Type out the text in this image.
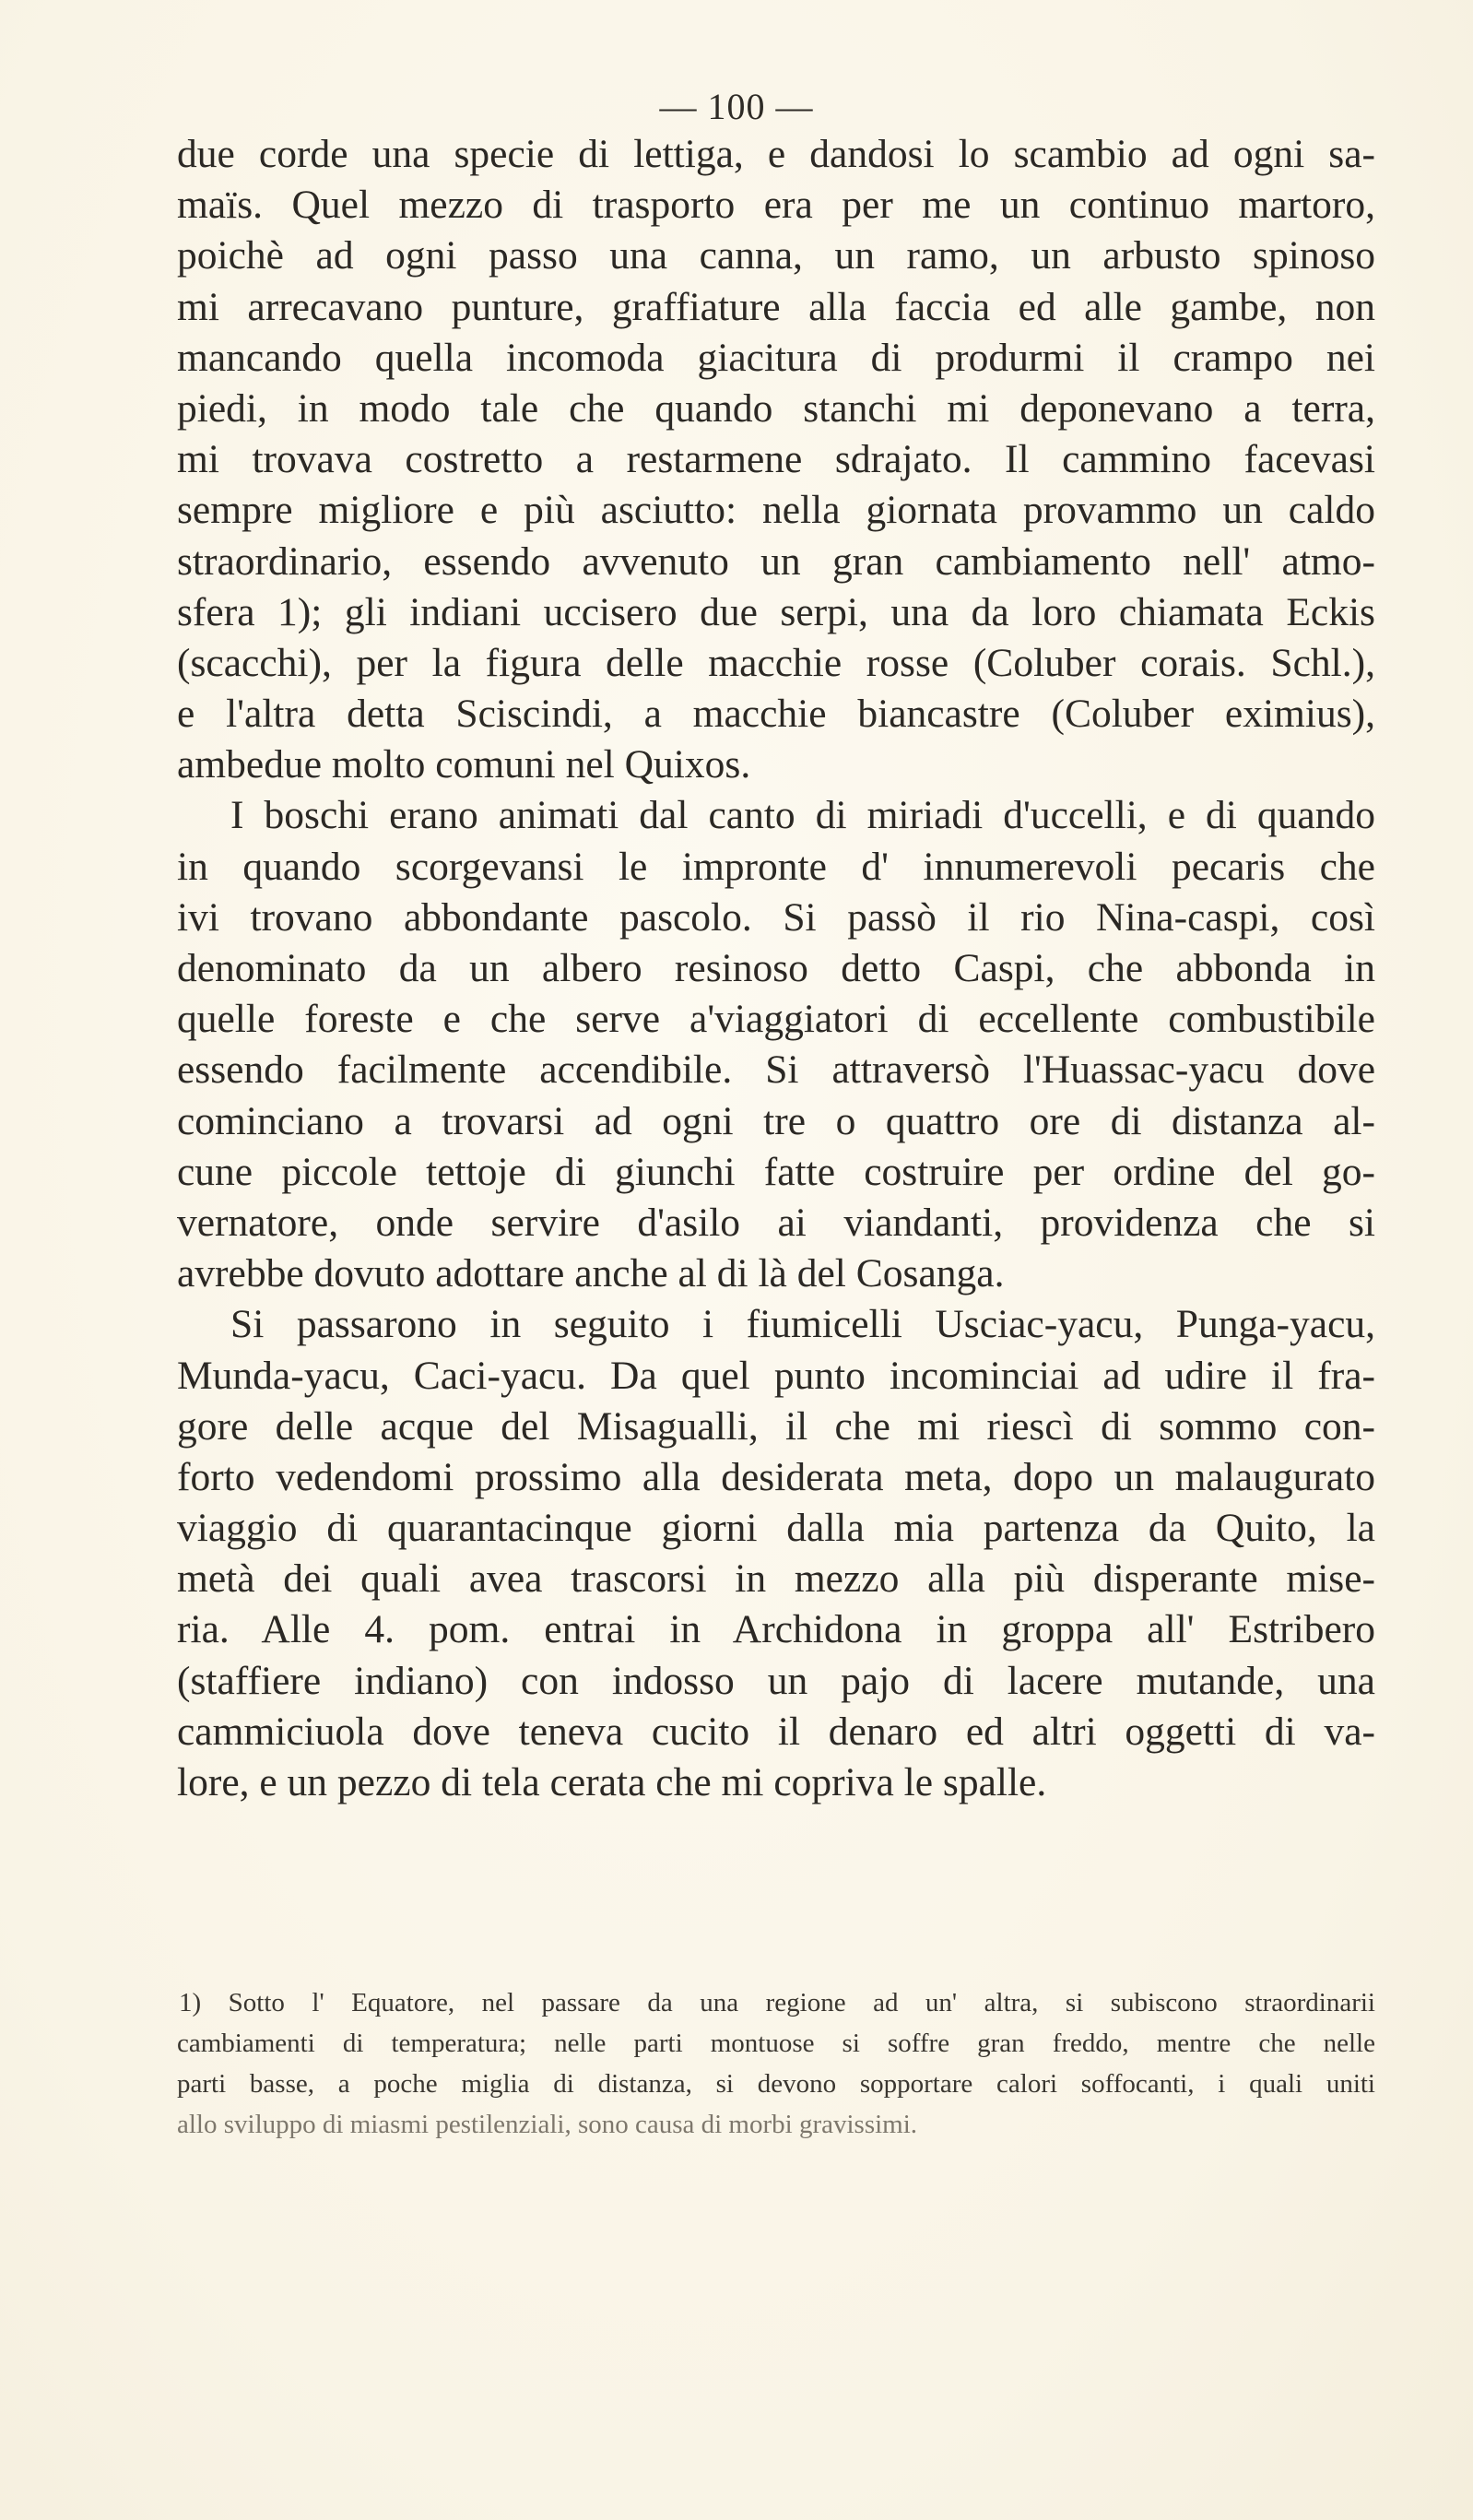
— 100 —
due corde una specie di lettiga, e dandosi lo scambio ad ogni sa-
maïs. Quel mezzo di trasporto era per me un continuo martoro,
poichè ad ogni passo una canna, un ramo, un arbusto spinoso
mi arrecavano punture, graffiature alla faccia ed alle gambe, non
mancando quella incomoda giacitura di produrmi il crampo nei
piedi, in modo tale che quando stanchi mi deponevano a terra,
mi trovava costretto a restarmene sdrajato. Il cammino facevasi
sempre migliore e più asciutto: nella giornata provammo un caldo
straordinario, essendo avvenuto un gran cambiamento nell' atmo-
sfera 1); gli indiani uccisero due serpi, una da loro chiamata Eckis
(scacchi), per la figura delle macchie rosse (Coluber corais. Schl.),
e l'altra detta Sciscindi, a macchie biancastre (Coluber eximius),
ambedue molto comuni nel Quixos.
I boschi erano animati dal canto di miriadi d'uccelli, e di quando
in quando scorgevansi le impronte d' innumerevoli pecaris che
ivi trovano abbondante pascolo. Si passò il rio Nina-caspi, così
denominato da un albero resinoso detto Caspi, che abbonda in
quelle foreste e che serve a'viaggiatori di eccellente combustibile
essendo facilmente accendibile. Si attraversò l'Huassac-yacu dove
cominciano a trovarsi ad ogni tre o quattro ore di distanza al-
cune piccole tettoje di giunchi fatte costruire per ordine del go-
vernatore, onde servire d'asilo ai viandanti, providenza che si
avrebbe dovuto adottare anche al di là del Cosanga.
Si passarono in seguito i fiumicelli Usciac-yacu, Punga-yacu,
Munda-yacu, Caci-yacu. Da quel punto incominciai ad udire il fra-
gore delle acque del Misagualli, il che mi riescì di sommo con-
forto vedendomi prossimo alla desiderata meta, dopo un malaugurato
viaggio di quarantacinque giorni dalla mia partenza da Quito, la
metà dei quali avea trascorsi in mezzo alla più disperante mise-
ria. Alle 4. pom. entrai in Archidona in groppa all' Estribero
(staffiere indiano) con indosso un pajo di lacere mutande, una
cammiciuola dove teneva cucito il denaro ed altri oggetti di va-
lore, e un pezzo di tela cerata che mi copriva le spalle.
1) Sotto l' Equatore, nel passare da una regione ad un' altra, si subiscono straordinarii
cambiamenti di temperatura; nelle parti montuose si soffre gran freddo, mentre che nelle
parti basse, a poche miglia di distanza, si devono sopportare calori soffocanti, i quali uniti
allo sviluppo di miasmi pestilenziali, sono causa di morbi gravissimi.
